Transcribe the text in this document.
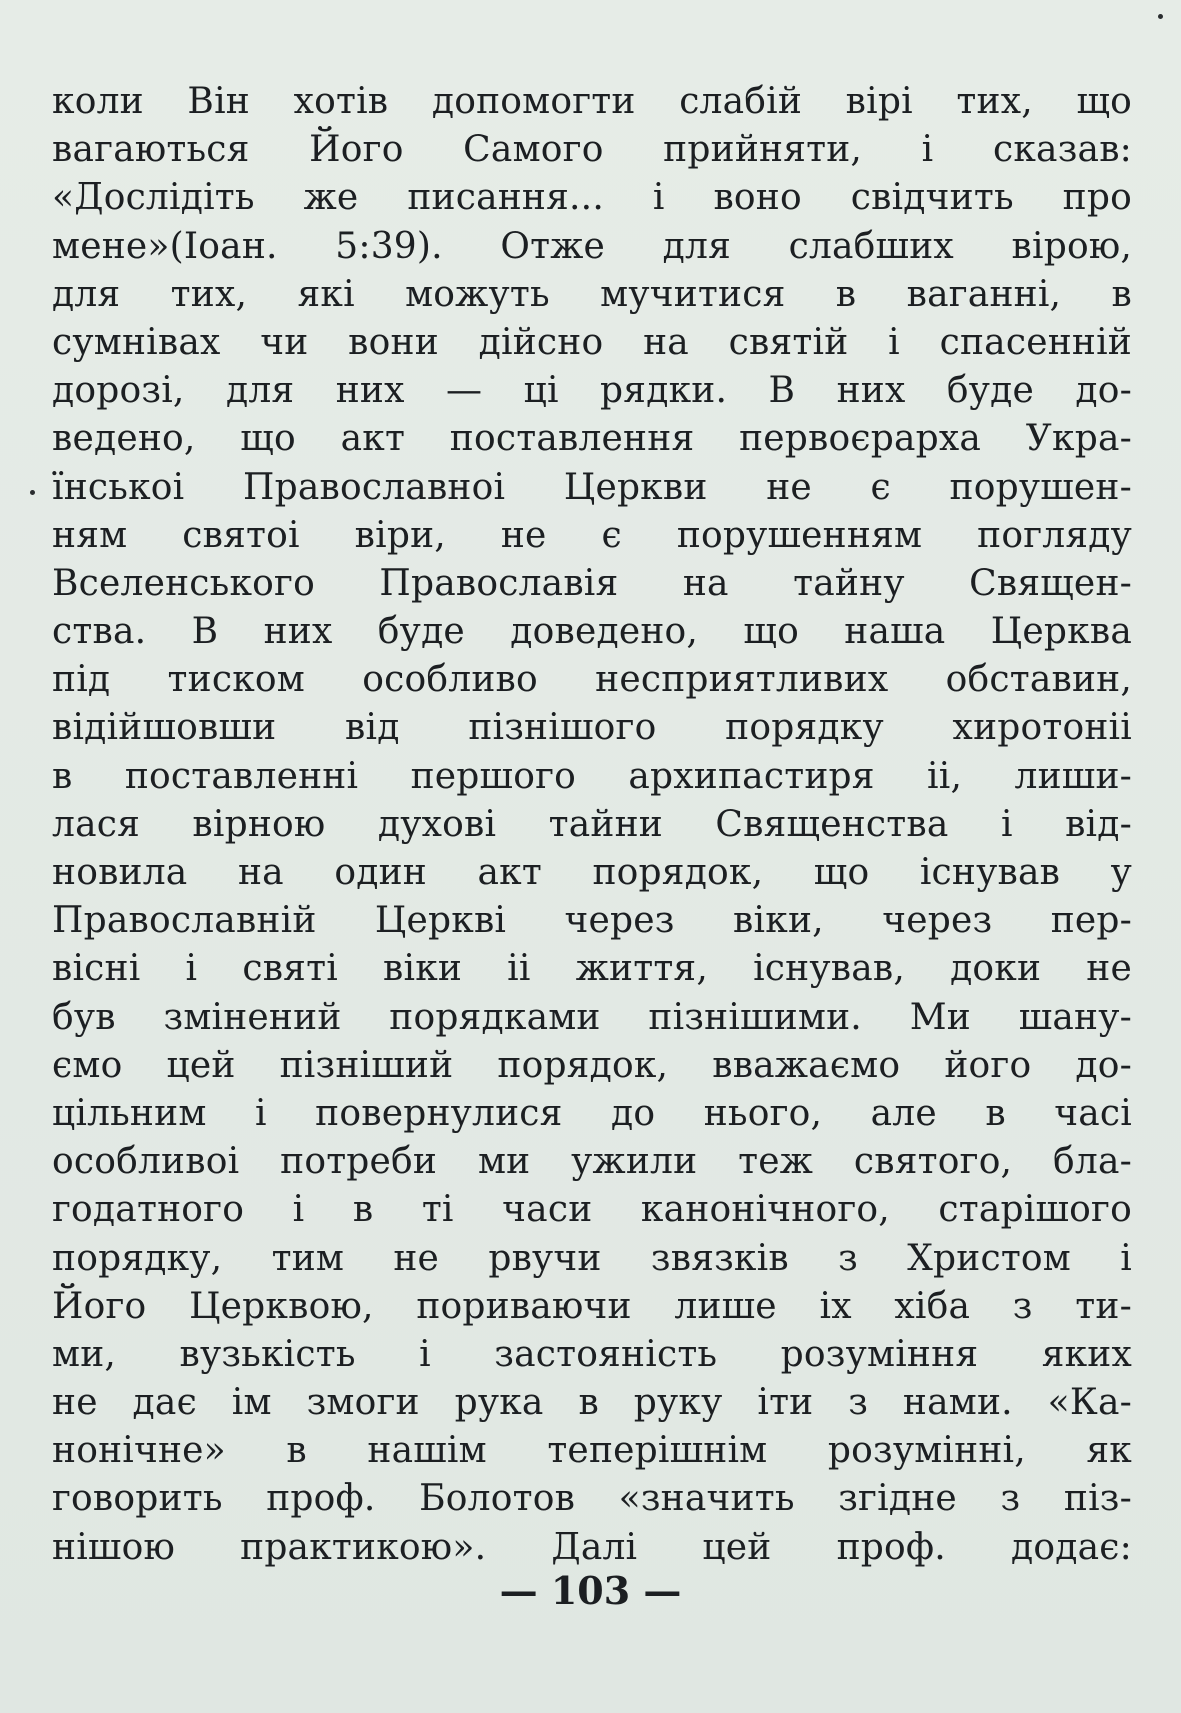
коли Він хотів допомогти слабій вірі тих, що
вагаються Його Самого прийняти, і сказав:
«Дослідіть же писання... і воно свідчить про
мене»(Іоан. 5:39). Отже для слабших вірою,
для тих, які можуть мучитися в ваганні, в
сумнівах чи вони дійсно на святій і спасенній
дорозі, для них — ці рядки. В них буде до-
ведено, що акт поставлення первоєрарха Укра-
їнськоі Православноі Церкви не є порушен-
ням святоі віри, не є порушенням погляду
Вселенського Православія на тайну Священ-
ства. В них буде доведено, що наша Церква
під тиском особливо несприятливих обставин,
відійшовши від пізнішого порядку хиротоніі
в поставленні першого архипастиря іі, лиши-
лася вірною духові тайни Священства і від-
новила на один акт порядок, що існував у
Православній Церкві через віки, через пер-
вісні і святі віки іі життя, існував, доки не
був змінений порядками пізнішими. Ми шану-
ємо цей пізніший порядок, вважаємо його до-
цільним і повернулися до нього, але в часі
особливоі потреби ми ужили теж святого, бла-
годатного і в ті часи канонічного, старішого
порядку, тим не рвучи звязків з Христом і
Його Церквою, пориваючи лише іх хіба з ти-
ми, вузькість і застояність розуміння яких
не дає ім змоги рука в руку іти з нами. «Ка-
нонічне» в нашім теперішнім розумінні, як
говорить проф. Болотов «значить згідне з піз-
нішою практикою». Далі цей проф. додає:
— 103 —
